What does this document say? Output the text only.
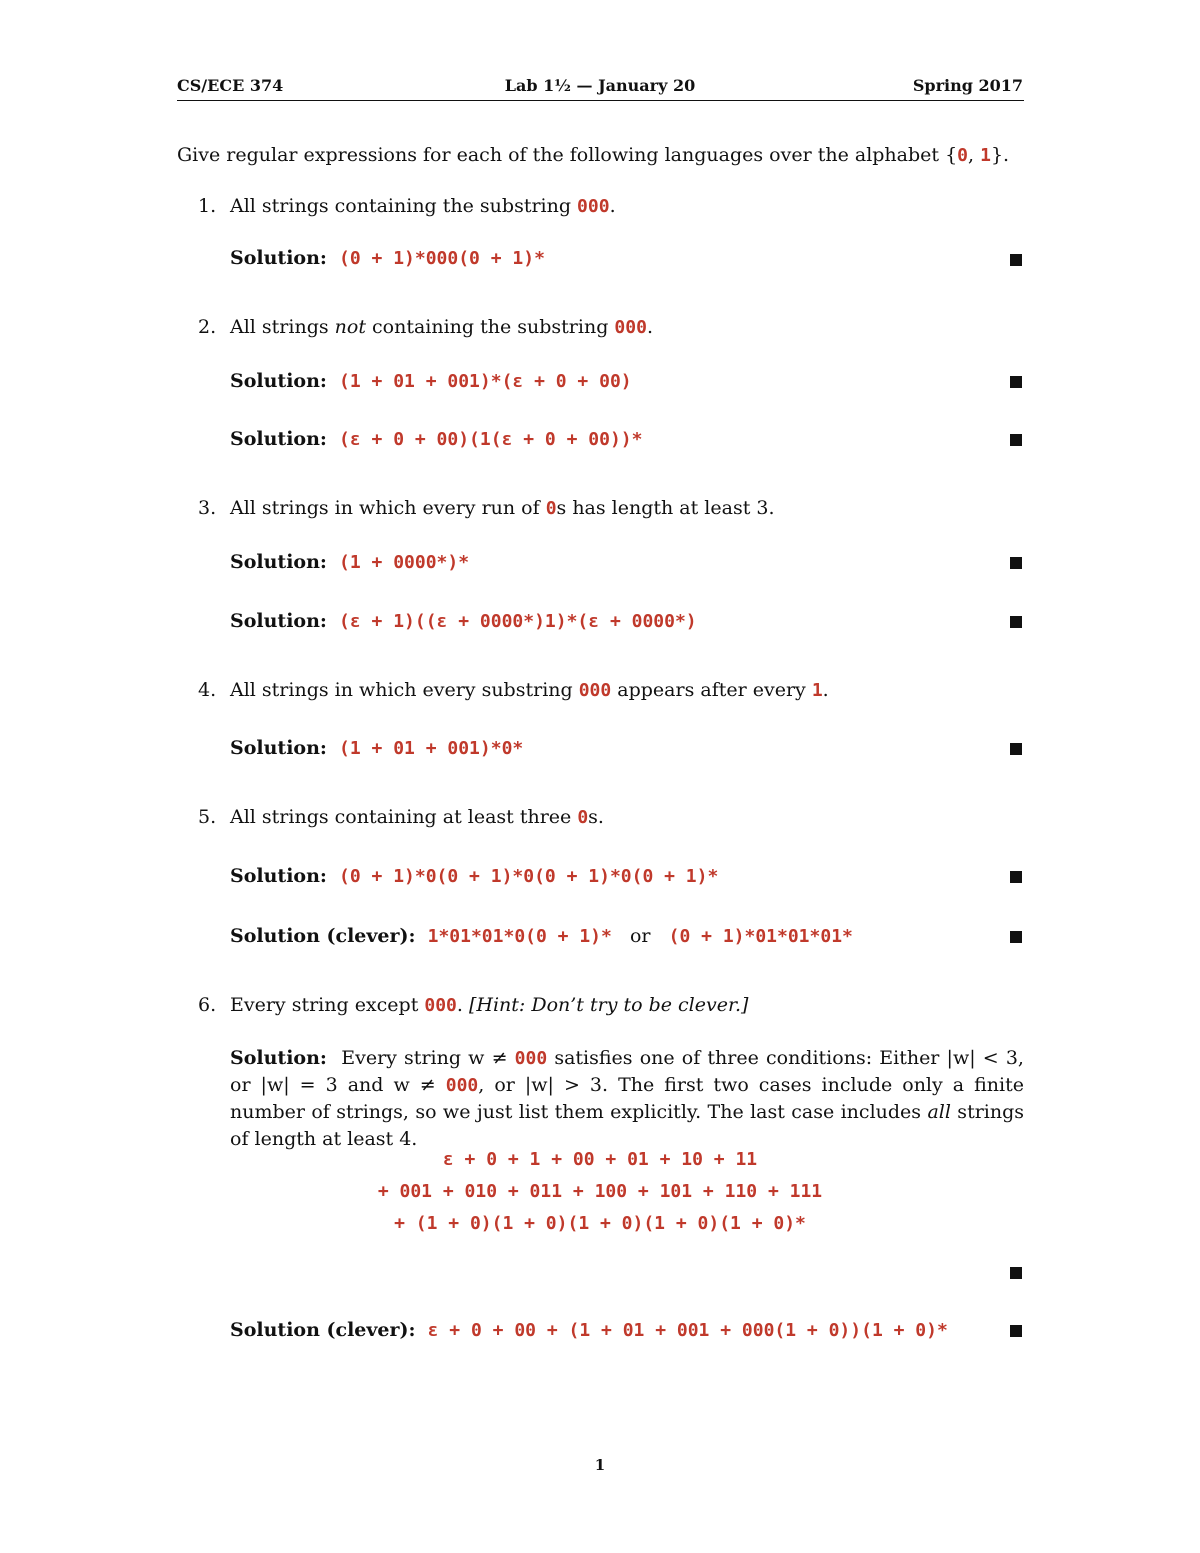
CS/ECE 374	Lab 1½ — January 20	Spring 2017
Give regular expressions for each of the following languages over the alphabet {0, 1}.
1. All strings containing the substring 000.
Solution: (0 + 1)*000(0 + 1)*
2. All strings not containing the substring 000.
Solution: (1 + 01 + 001)*(ε + 0 + 00)
Solution: (ε + 0 + 00)(1(ε + 0 + 00))*
3. All strings in which every run of 0s has length at least 3.
Solution: (1 + 0000*)*
Solution: (ε + 1)((ε + 0000*)1)*(ε + 0000*)
4. All strings in which every substring 000 appears after every 1.
Solution: (1 + 01 + 001)*0*
5. All strings containing at least three 0s.
Solution: (0 + 1)*0(0 + 1)*0(0 + 1)*0(0 + 1)*
Solution (clever): 1*01*01*0(0 + 1)* or (0 + 1)*01*01*01*
6. Every string except 000. [Hint: Don’t try to be clever.]
Solution: Every string w ≠ 000 satisfies one of three conditions: Either |w| < 3, or |w| = 3 and w ≠ 000, or |w| > 3. The first two cases include only a finite number of strings, so we just list them explicitly. The last case includes all strings of length at least 4.
ε + 0 + 1 + 00 + 01 + 10 + 11
+ 001 + 010 + 011 + 100 + 101 + 110 + 111
+ (1 + 0)(1 + 0)(1 + 0)(1 + 0)(1 + 0)*
Solution (clever): ε + 0 + 00 + (1 + 01 + 001 + 000(1 + 0))(1 + 0)*
1
